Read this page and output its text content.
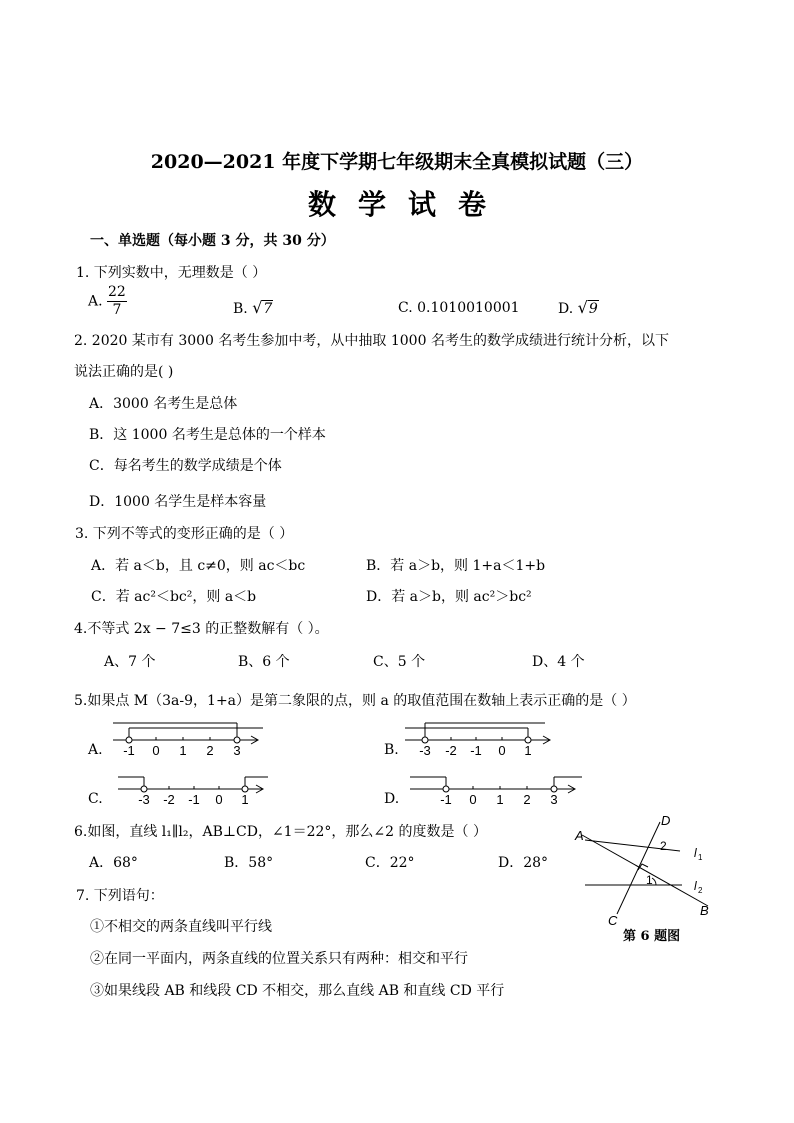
2020—2021 年度下学期七年级期末全真模拟试题（三）
数学试卷
一、单选题（每小题 3 分，共 30 分）
1. 下列实数中，无理数是（ ）
A. $\frac{22}{7}$	B. √7	C. 0.1010010001	D. √9
2. 2020 某市有 3000 名考生参加中考，从中抽取 1000 名考生的数学成绩进行统计分析，以下
说法正确的是( )
A．3000 名考生是总体
B．这 1000 名考生是总体的一个样本
C．每名考生的数学成绩是个体
D．1000 名学生是样本容量
3. 下列不等式的变形正确的是（ ）
A．若 a＜b，且 c≠0，则 ac＜bc	B．若 a＞b，则 1+a＜1+b
C．若 ac²＜bc²，则 a＜b	D．若 a＞b，则 ac²＞bc²
4.不等式 2x − 7≤3 的正整数解有（ ）。
A、7 个	B、6 个	C、5 个	D、4 个
5.如果点 M（3a-9，1+a）是第二象限的点，则 a 的取值范围在数轴上表示正确的是（ ）
A.	B.
C.	D.
-1 0 1 2 3	-3 -2 -1 0 1
-3 -2 -1 0 1	-1 0 1 2 3
6.如图，直线 l₁∥l₂，AB⊥CD，∠1＝22°，那么∠2 的度数是（ ）
A．68°	B．58°	C．22°	D．28°
A
B
C
D
2
1
l 1
l 2
第 6 题图
7. 下列语句：
①不相交的两条直线叫平行线
②在同一平面内，两条直线的位置关系只有两种：相交和平行
③如果线段 AB 和线段 CD 不相交，那么直线 AB 和直线 CD 平行
